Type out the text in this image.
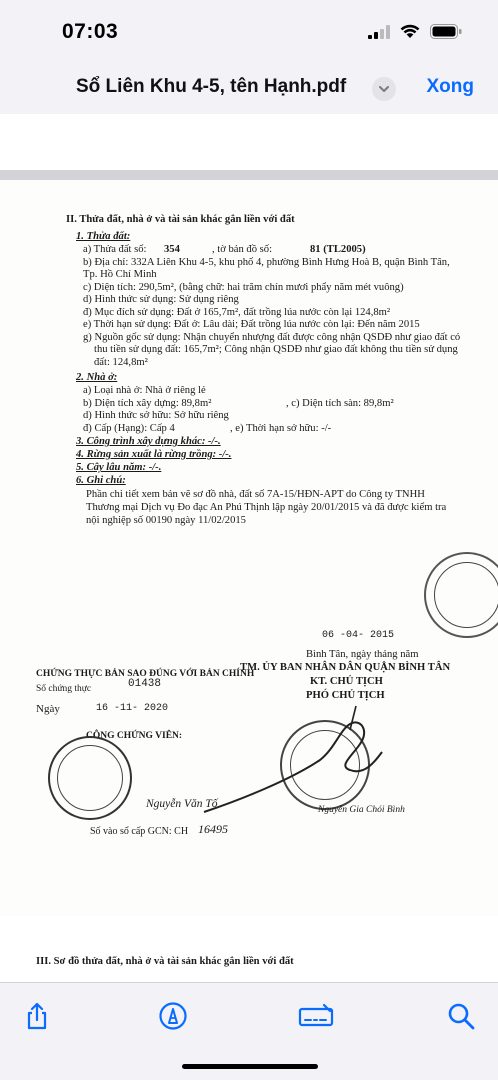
07:03
Sổ Liên Khu 4-5, tên Hạnh.pdf	Xong
II. Thửa đất, nhà ở và tài sản khác gắn liền với đất
1. Thửa đất:
a) Thửa đất số: 354	, tờ bản đồ số:	81 (TL2005)
b) Địa chỉ: 332A Liên Khu 4-5, khu phố 4, phường Bình Hưng Hoà B, quận Bình Tân,
Tp. Hồ Chí Minh
c) Diện tích: 290,5m², (bằng chữ: hai trăm chín mươi phẩy năm mét vuông)
d) Hình thức sử dụng: Sử dụng riêng
đ) Mục đích sử dụng: Đất ở 165,7m², đất trồng lúa nước còn lại 124,8m²
e) Thời hạn sử dụng: Đất ở: Lâu dài; Đất trồng lúa nước còn lại: Đến năm 2015
g) Nguồn gốc sử dụng: Nhận chuyển nhượng đất được công nhận QSDĐ như giao đất có
thu tiền sử dụng đất: 165,7m²; Công nhận QSDĐ như giao đất không thu tiền sử dụng
đất: 124,8m²
2. Nhà ở:
a) Loại nhà ở: Nhà ở riêng lẻ
b) Diện tích xây dựng: 89,8m²	, c) Diện tích sàn: 89,8m²
d) Hình thức sở hữu: Sở hữu riêng
đ) Cấp (Hạng): Cấp 4	, e) Thời hạn sở hữu: -/-
3. Công trình xây dựng khác: -/-.
4. Rừng sản xuất là rừng trồng: -/-.
5. Cây lâu năm: -/-.
6. Ghi chú:
Phần chi tiết xem bản vẽ sơ đồ nhà, đất số 7A-15/HĐN-APT do Công ty TNHH
Thương mại Dịch vụ Đo đạc An Phú Thịnh lập ngày 20/01/2015 và đã được kiểm tra
nội nghiệp số 00190 ngày 11/02/2015
06 -04- 2015
Bình Tân, ngày tháng năm
TM. ỦY BAN NHÂN DÂN QUẬN BÌNH TÂN
KT. CHỦ TỊCH
PHÓ CHỦ TỊCH
CHỨNG THỰC BẢN SAO ĐÚNG VỚI BẢN CHÍNH
Số chứng thực	01438
Ngày	16 -11- 2020
CÔNG CHỨNG VIÊN:
Nguyễn Văn Tố	Nguyễn Gia Chói Bình
Số vào sổ cấp GCN: CH 16495
III. Sơ đồ thửa đất, nhà ở và tài sản khác gắn liền với đất
